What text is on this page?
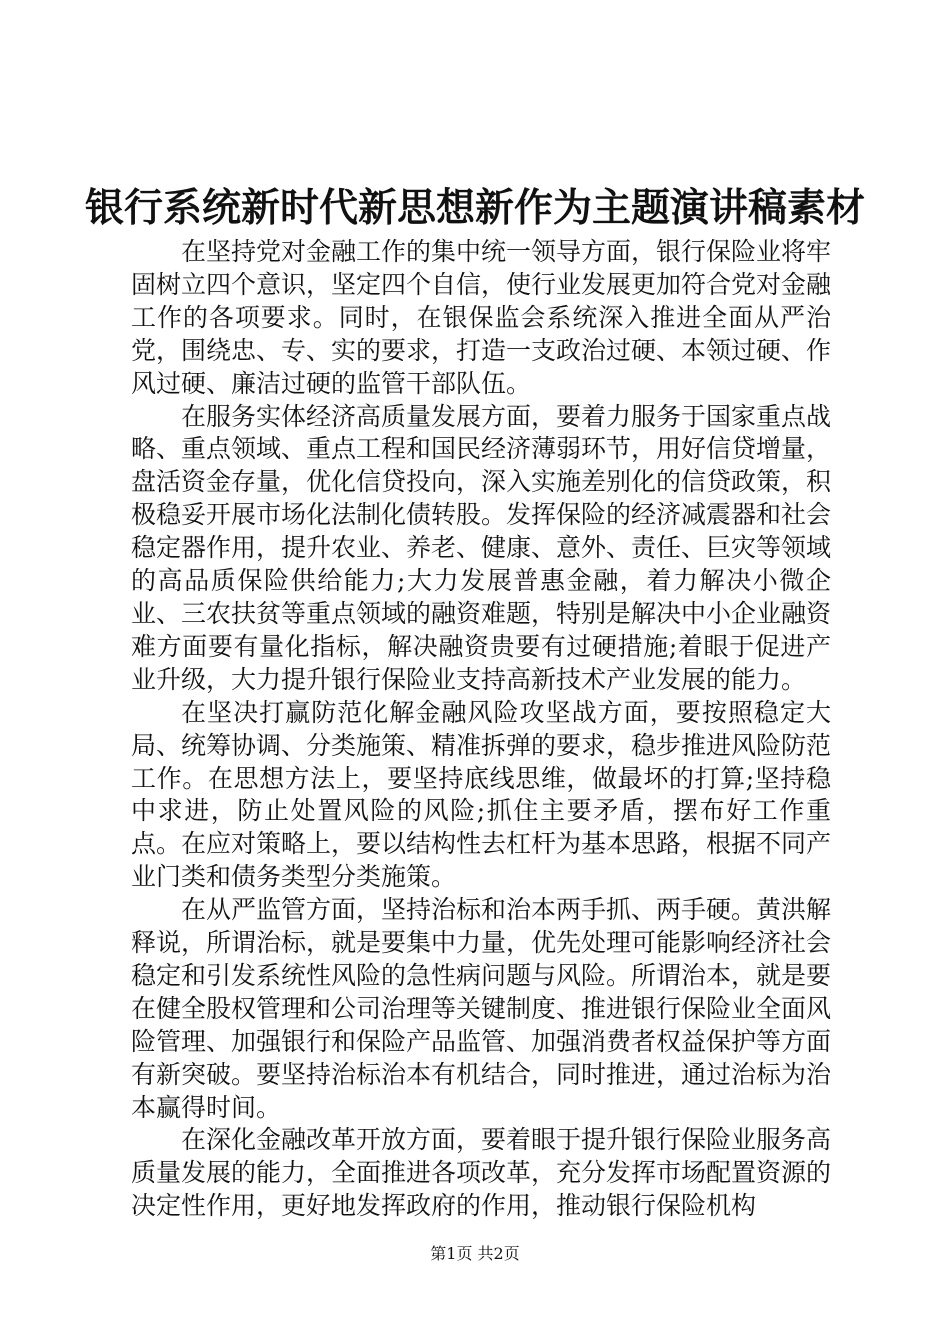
银行系统新时代新思想新作为主题演讲稿素材

在坚持党对金融工作的集中统一领导方面，银行保险业将牢固树立四个意识，坚定四个自信，使行业发展更加符合党对金融工作的各项要求。同时，在银保监会系统深入推进全面从严治党，围绕忠、专、实的要求，打造一支政治过硬、本领过硬、作风过硬、廉洁过硬的监管干部队伍。

在服务实体经济高质量发展方面，要着力服务于国家重点战略、重点领域、重点工程和国民经济薄弱环节，用好信贷增量，盘活资金存量，优化信贷投向，深入实施差别化的信贷政策，积极稳妥开展市场化法制化债转股。发挥保险的经济减震器和社会稳定器作用，提升农业、养老、健康、意外、责任、巨灾等领域的高品质保险供给能力;大力发展普惠金融，着力解决小微企业、三农扶贫等重点领域的融资难题，特别是解决中小企业融资难方面要有量化指标，解决融资贵要有过硬措施;着眼于促进产业升级，大力提升银行保险业支持高新技术产业发展的能力。

在坚决打赢防范化解金融风险攻坚战方面，要按照稳定大局、统筹协调、分类施策、精准拆弹的要求，稳步推进风险防范工作。在思想方法上，要坚持底线思维，做最坏的打算;坚持稳中求进，防止处置风险的风险;抓住主要矛盾，摆布好工作重点。在应对策略上，要以结构性去杠杆为基本思路，根据不同产业门类和债务类型分类施策。

在从严监管方面，坚持治标和治本两手抓、两手硬。黄洪解释说，所谓治标，就是要集中力量，优先处理可能影响经济社会稳定和引发系统性风险的急性病问题与风险。所谓治本，就是要在健全股权管理和公司治理等关键制度、推进银行保险业全面风险管理、加强银行和保险产品监管、加强消费者权益保护等方面有新突破。要坚持治标治本有机结合，同时推进，通过治标为治本赢得时间。

在深化金融改革开放方面，要着眼于提升银行保险业服务高质量发展的能力，全面推进各项改革，充分发挥市场配置资源的决定性作用，更好地发挥政府的作用，推动银行保险机构

第1页 共2页
